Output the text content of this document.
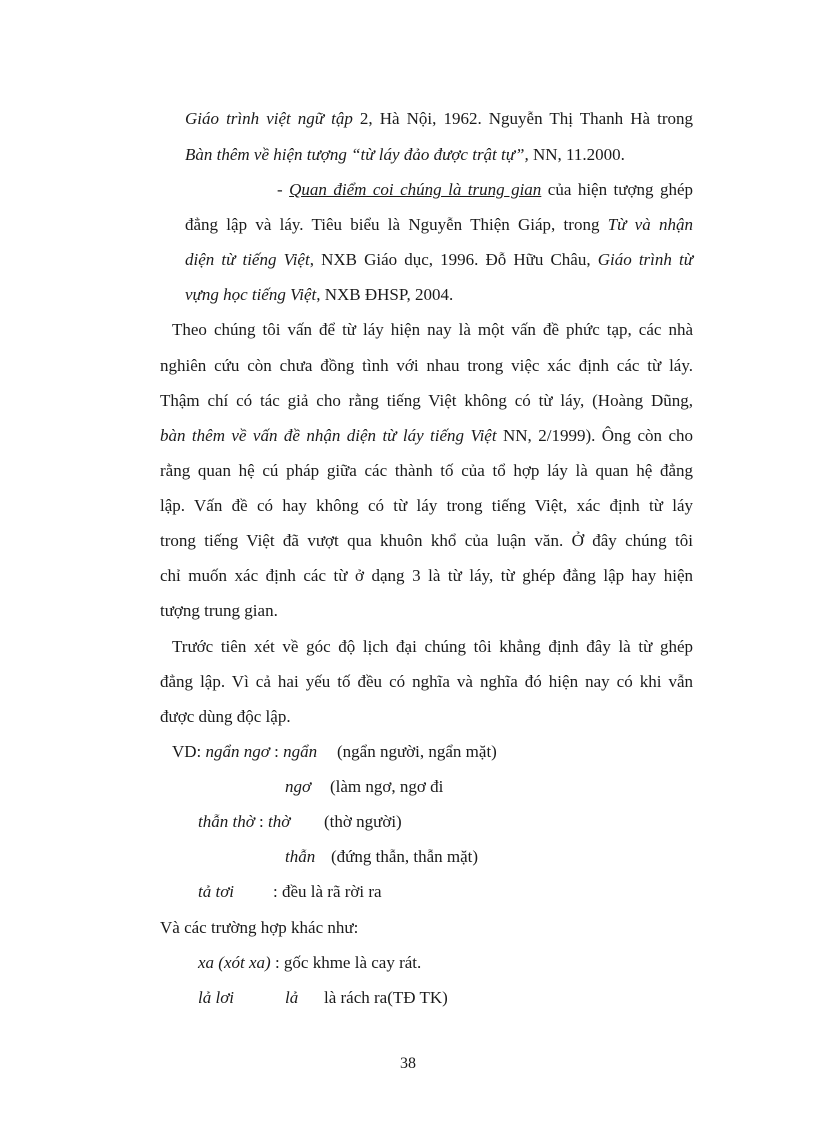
Giáo trình việt ngữ tập 2, Hà Nội, 1962. Nguyễn Thị Thanh Hà trong
Bàn thêm về hiện tượng “từ láy đảo được trật tự”, NN, 11.2000.
- Quan điểm coi chúng là trung gian của hiện tượng ghép
đẳng lập và láy. Tiêu biểu là Nguyễn Thiện Giáp, trong Từ và nhận
diện từ tiếng Việt, NXB Giáo dục, 1996. Đỗ Hữu Châu, Giáo trình từ
vựng học tiếng Việt, NXB ĐHSP, 2004.
Theo chúng tôi vấn để từ láy hiện nay là một vấn đề phức tạp, các nhà
nghiên cứu còn chưa đồng tình với nhau trong việc xác định các từ láy.
Thậm chí có tác giả cho rằng tiếng Việt không có từ láy, (Hoàng Dũng,
bàn thêm về vấn đề nhận diện từ láy tiếng Việt NN, 2/1999). Ông còn cho
rằng quan hệ cú pháp giữa các thành tố của tổ hợp láy là quan hệ đẳng
lập. Vấn đề có hay không có từ láy trong tiếng Việt, xác định từ láy
trong tiếng Việt đã vượt qua khuôn khổ của luận văn. Ở đây chúng tôi
chỉ muốn xác định các từ ở dạng 3 là từ láy, từ ghép đẳng lập hay hiện
tượng trung gian.
Trước tiên xét về góc độ lịch đại chúng tôi khẳng định đây là từ ghép
đẳng lập. Vì cả hai yếu tố đều có nghĩa và nghĩa đó hiện nay có khi vẫn
được dùng độc lập.
VD: ngẩn ngơ : ngẩn (ngẩn người, ngẩn mặt)
ngơ (làm ngơ, ngơ đi
thẫn thờ : thờ (thờ người)
thẫn (đứng thẫn, thẫn mặt)
tả tơi : đều là rã rời ra
Và các trường hợp khác như:
xa (xót xa) : gốc khme là cay rát.
lả lơi	lả là rách ra(TĐ TK)
38
